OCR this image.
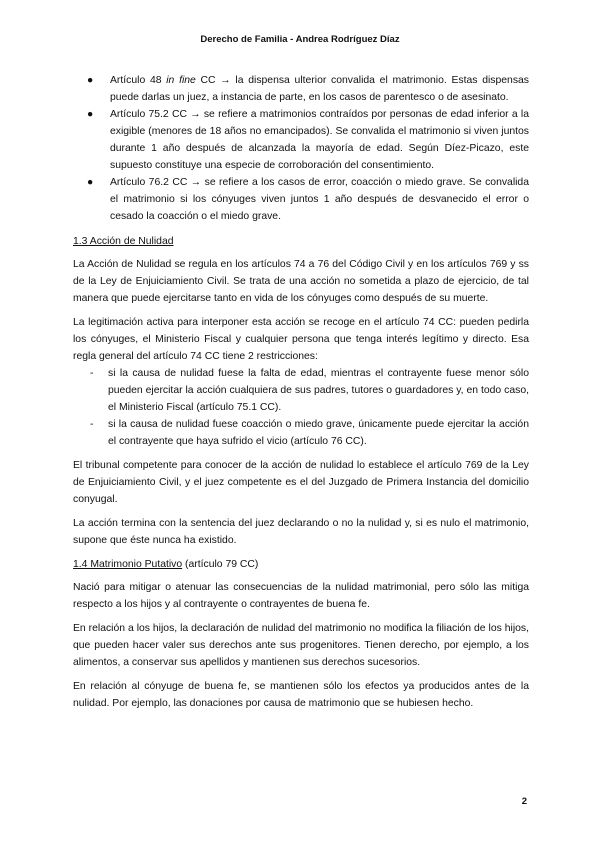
Derecho de Familia - Andrea Rodríguez Díaz
● Artículo 48 in fine CC → la dispensa ulterior convalida el matrimonio. Estas dispensas puede darlas un juez, a instancia de parte, en los casos de parentesco o de asesinato.
● Artículo 75.2 CC → se refiere a matrimonios contraídos por personas de edad inferior a la exigible (menores de 18 años no emancipados). Se convalida el matrimonio si viven juntos durante 1 año después de alcanzada la mayoría de edad. Según Díez-Picazo, este supuesto constituye una especie de corroboración del consentimiento.
● Artículo 76.2 CC → se refiere a los casos de error, coacción o miedo grave. Se convalida el matrimonio si los cónyuges viven juntos 1 año después de desvanecido el error o cesado la coacción o el miedo grave.
1.3 Acción de Nulidad

La Acción de Nulidad se regula en los artículos 74 a 76 del Código Civil y en los artículos 769 y ss de la Ley de Enjuiciamiento Civil. Se trata de una acción no sometida a plazo de ejercicio, de tal manera que puede ejercitarse tanto en vida de los cónyuges como después de su muerte.

La legitimación activa para interponer esta acción se recoge en el artículo 74 CC: pueden pedirla los cónyuges, el Ministerio Fiscal y cualquier persona que tenga interés legítimo y directo. Esa regla general del artículo 74 CC tiene 2 restricciones:

- si la causa de nulidad fuese la falta de edad, mientras el contrayente fuese menor sólo pueden ejercitar la acción cualquiera de sus padres, tutores o guardadores y, en todo caso, el Ministerio Fiscal (artículo 75.1 CC).
- si la causa de nulidad fuese coacción o miedo grave, únicamente puede ejercitar la acción el contrayente que haya sufrido el vicio (artículo 76 CC).

El tribunal competente para conocer de la acción de nulidad lo establece el artículo 769 de la Ley de Enjuiciamiento Civil, y el juez competente es el del Juzgado de Primera Instancia del domicilio conyugal.

La acción termina con la sentencia del juez declarando o no la nulidad y, si es nulo el matrimonio, supone que éste nunca ha existido.

1.4 Matrimonio Putativo (artículo 79 CC)

Nació para mitigar o atenuar las consecuencias de la nulidad matrimonial, pero sólo las mitiga respecto a los hijos y al contrayente o contrayentes de buena fe.

En relación a los hijos, la declaración de nulidad del matrimonio no modifica la filiación de los hijos, que pueden hacer valer sus derechos ante sus progenitores. Tienen derecho, por ejemplo, a los alimentos, a conservar sus apellidos y mantienen sus derechos sucesorios.

En relación al cónyuge de buena fe, se mantienen sólo los efectos ya producidos antes de la nulidad. Por ejemplo, las donaciones por causa de matrimonio que se hubiesen hecho.

2
